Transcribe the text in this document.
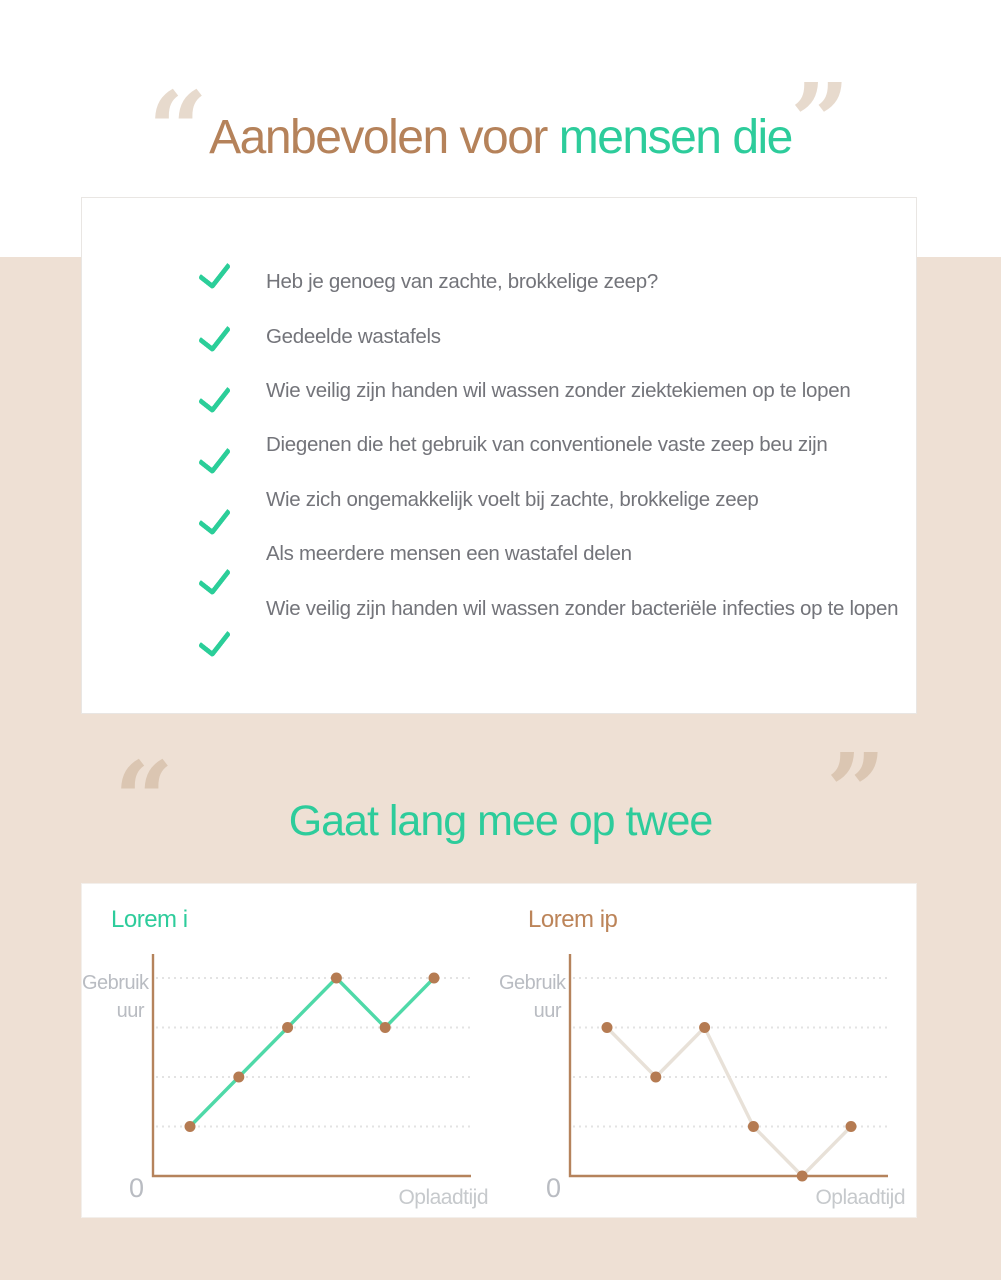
“ Aanbevolen voor mensen die
”
Heb je genoeg van zachte, brokkelige zeep?
Gedeelde wastafels
Wie veilig zijn handen wil wassen zonder ziektekiemen op te lopen
Diegenen die het gebruik van conventionele vaste zeep beu zijn
Wie zich ongemakkelijk voelt bij zachte, brokkelige zeep
Als meerdere mensen een wastafel delen
Wie veilig zijn handen wil wassen zonder bacteriële infecties op te lopen
“	Gaat lang mee op twee	”
Lorem i
Gebruik
uur
0	Oplaadtijd
Lorem ip
Gebruik
uur
0	Oplaadtijd
